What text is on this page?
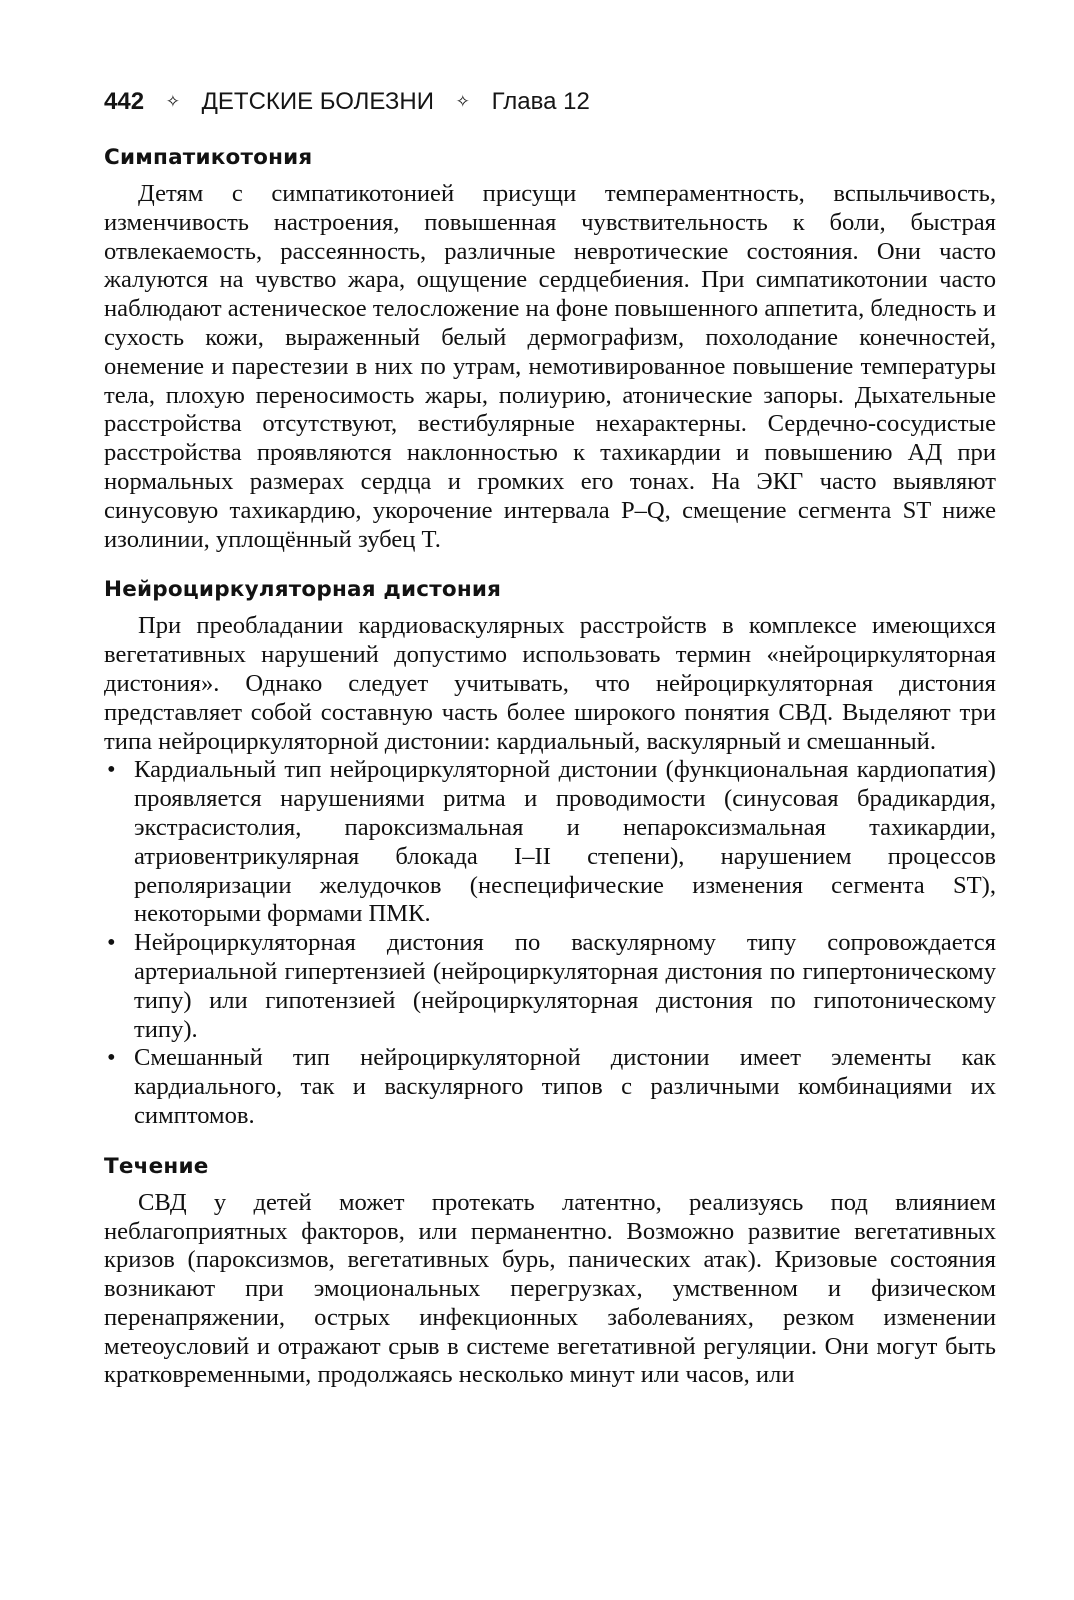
442 ✧ ДЕТСКИЕ БОЛЕЗНИ ✧ Глава 12
Симпатикотония

Детям с симпатикотонией присущи темпераментность, вспыльчивость, изменчивость настроения, повышенная чувствительность к боли, быстрая отвлекаемость, рассеянность, различные невротические состояния. Они часто жалуются на чувство жара, ощущение сердцебиения. При симпатикотонии часто наблюдают астеническое телосложение на фоне повышенного аппетита, бледность и сухость кожи, выраженный белый дермографизм, похолодание конечностей, онемение и парестезии в них по утрам, немотивированное повышение температуры тела, плохую переносимость жары, полиурию, атонические запоры. Дыхательные расстройства отсутствуют, вестибулярные нехарактерны. Сердечно-сосудистые расстройства проявляются наклонностью к тахикардии и повышению АД при нормальных размерах сердца и громких его тонах. На ЭКГ часто выявляют синусовую тахикардию, укорочение интервала P–Q, смещение сегмента ST ниже изолинии, уплощённый зубец T.

Нейроциркуляторная дистония

При преобладании кардиоваскулярных расстройств в комплексе имеющихся вегетативных нарушений допустимо использовать термин «нейроциркуляторная дистония». Однако следует учитывать, что нейроциркуляторная дистония представляет собой составную часть более широкого понятия СВД. Выделяют три типа нейроциркуляторной дистонии: кардиальный, васкулярный и смешанный.

• Кардиальный тип нейроциркуляторной дистонии (функциональная кардиопатия) проявляется нарушениями ритма и проводимости (синусовая брадикардия, экстрасистолия, пароксизмальная и непароксизмальная тахикардии, атриовентрикулярная блокада I–II степени), нарушением процессов реполяризации желудочков (неспецифические изменения сегмента ST), некоторыми формами ПМК.
• Нейроциркуляторная дистония по васкулярному типу сопровождается артериальной гипертензией (нейроциркуляторная дистония по гипертоническому типу) или гипотензией (нейроциркуляторная дистония по гипотоническому типу).
• Смешанный тип нейроциркуляторной дистонии имеет элементы как кардиального, так и васкулярного типов с различными комбинациями их симптомов.
Течение

СВД у детей может протекать латентно, реализуясь под влиянием неблагоприятных факторов, или перманентно. Возможно развитие вегетативных кризов (пароксизмов, вегетативных бурь, панических атак). Кризовые состояния возникают при эмоциональных перегрузках, умственном и физическом перенапряжении, острых инфекционных заболеваниях, резком изменении метеоусловий и отражают срыв в системе вегетативной регуляции. Они могут быть кратковременными, продолжаясь несколько минут или часов, или
